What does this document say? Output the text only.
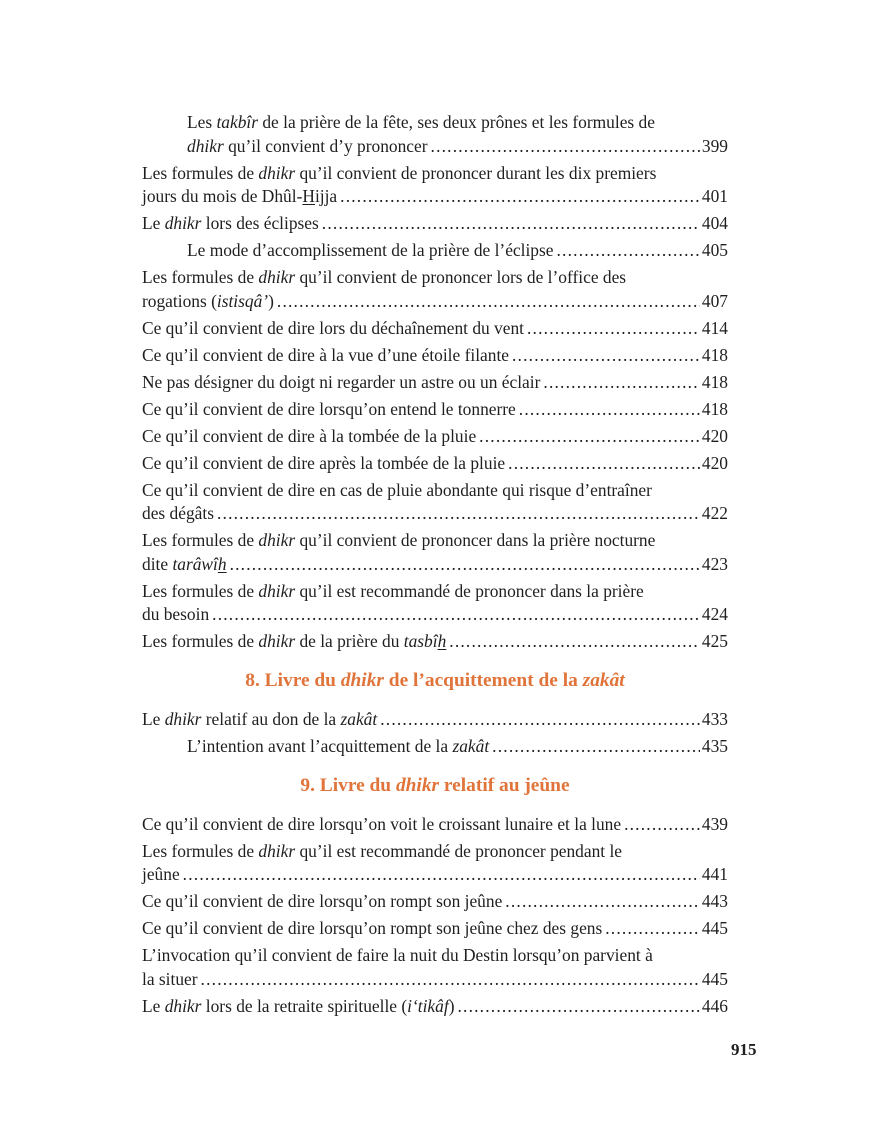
Les takbîr de la prière de la fête, ses deux prônes et les formules de
dhikr qu’il convient d’y prononcer .....	399
Les formules de dhikr qu’il convient de prononcer durant les dix premiers
jours du mois de Dhûl-Hijja .....	401
Le dhikr lors des éclipses .....	404
Le mode d’accomplissement de la prière de l’éclipse .....	405
Les formules de dhikr qu’il convient de prononcer lors de l’office des
rogations (istisqâ’) .....	407
Ce qu’il convient de dire lors du déchaînement du vent .....	414
Ce qu’il convient de dire à la vue d’une étoile filante .....	418
Ne pas désigner du doigt ni regarder un astre ou un éclair .....	418
Ce qu’il convient de dire lorsqu’on entend le tonnerre .....	418
Ce qu’il convient de dire à la tombée de la pluie .....	420
Ce qu’il convient de dire après la tombée de la pluie .....	420
Ce qu’il convient de dire en cas de pluie abondante qui risque d’entraîner
des dégâts .....	422
Les formules de dhikr qu’il convient de prononcer dans la prière nocturne
dite tarâwîh .....	423
Les formules de dhikr qu’il est recommandé de prononcer dans la prière
du besoin .....	424
Les formules de dhikr de la prière du tasbîh .....	425
8. Livre du dhikr de l’acquittement de la zakât
Le dhikr relatif au don de la zakât .....	433
L’intention avant l’acquittement de la zakât .....	435
9. Livre du dhikr relatif au jeûne
Ce qu’il convient de dire lorsqu’on voit le croissant lunaire et la lune .....	439
Les formules de dhikr qu’il est recommandé de prononcer pendant le
jeûne .....	441
Ce qu’il convient de dire lorsqu’on rompt son jeûne .....	443
Ce qu’il convient de dire lorsqu’on rompt son jeûne chez des gens .....	445
L’invocation qu’il convient de faire la nuit du Destin lorsqu’on parvient à
la situer .....	445
Le dhikr lors de la retraite spirituelle (i‘tikâf) .....	446
915
